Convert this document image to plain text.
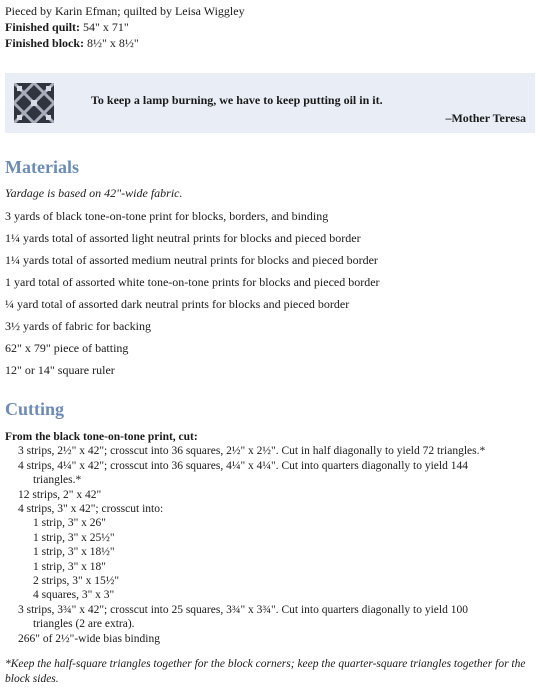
Pieced by Karin Efman; quilted by Leisa Wiggley
Finished quilt: 54" x 71"
Finished block: 8½" x 8½"
To keep a lamp burning, we have to keep putting oil in it.
–Mother Teresa
Materials
Yardage is based on 42"-wide fabric.
3 yards of black tone-on-tone print for blocks, borders, and binding
1¼ yards total of assorted light neutral prints for blocks and pieced border
1¼ yards total of assorted medium neutral prints for blocks and pieced border
1 yard total of assorted white tone-on-tone prints for blocks and pieced border
¼ yard total of assorted dark neutral prints for blocks and pieced border
3½ yards of fabric for backing
62" x 79" piece of batting
12" or 14" square ruler
Cutting
From the black tone-on-tone print, cut:
3 strips, 2½" x 42"; crosscut into 36 squares, 2½" x 2½". Cut in half diagonally to yield 72 triangles.*
4 strips, 4¼" x 42"; crosscut into 36 squares, 4¼" x 4¼". Cut into quarters diagonally to yield 144
triangles.*
12 strips, 2" x 42"
4 strips, 3" x 42"; crosscut into:
1 strip, 3" x 26"
1 strip, 3" x 25½"
1 strip, 3" x 18½"
1 strip, 3" x 18"
2 strips, 3" x 15½"
4 squares, 3" x 3"
3 strips, 3¾" x 42"; crosscut into 25 squares, 3¾" x 3¾". Cut into quarters diagonally to yield 100
triangles (2 are extra).
266" of 2½"-wide bias binding
*Keep the half-square triangles together for the block corners; keep the quarter-square triangles together for the block sides.
